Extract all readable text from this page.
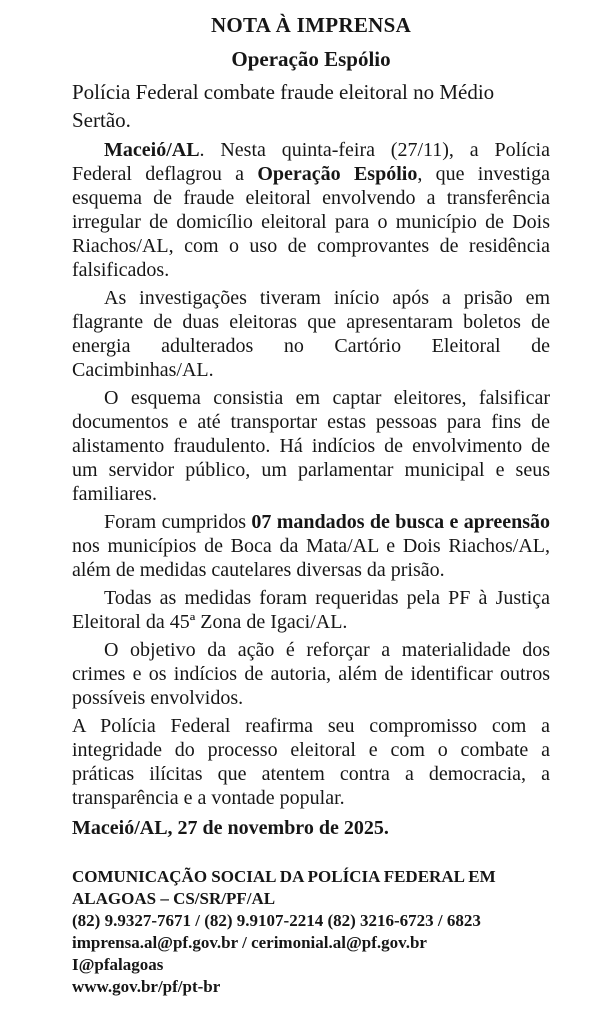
NOTA À IMPRENSA
Operação Espólio

Polícia Federal combate fraude eleitoral no Médio Sertão.

Maceió/AL. Nesta quinta-feira (27/11), a Polícia Federal deflagrou a Operação Espólio, que investiga esquema de fraude eleitoral envolvendo a transferência irregular de domicílio eleitoral para o município de Dois Riachos/AL, com o uso de comprovantes de residência falsificados.

As investigações tiveram início após a prisão em flagrante de duas eleitoras que apresentaram boletos de energia adulterados no Cartório Eleitoral de Cacimbinhas/AL.

O esquema consistia em captar eleitores, falsificar documentos e até transportar estas pessoas para fins de alistamento fraudulento. Há indícios de envolvimento de um servidor público, um parlamentar municipal e seus familiares.

Foram cumpridos 07 mandados de busca e apreensão nos municípios de Boca da Mata/AL e Dois Riachos/AL, além de medidas cautelares diversas da prisão.

Todas as medidas foram requeridas pela PF à Justiça Eleitoral da 45ª Zona de Igaci/AL.

O objetivo da ação é reforçar a materialidade dos crimes e os indícios de autoria, além de identificar outros possíveis envolvidos.

A Polícia Federal reafirma seu compromisso com a integridade do processo eleitoral e com o combate a práticas ilícitas que atentem contra a democracia, a transparência e a vontade popular.

Maceió/AL, 27 de novembro de 2025.

COMUNICAÇÃO SOCIAL DA POLÍCIA FEDERAL EM
ALAGOAS – CS/SR/PF/AL
(82) 9.9327-7671 / (82) 9.9107-2214 (82) 3216-6723 / 6823
imprensa.al@pf.gov.br / cerimonial.al@pf.gov.br
I@pfalagoas
www.gov.br/pf/pt-br
